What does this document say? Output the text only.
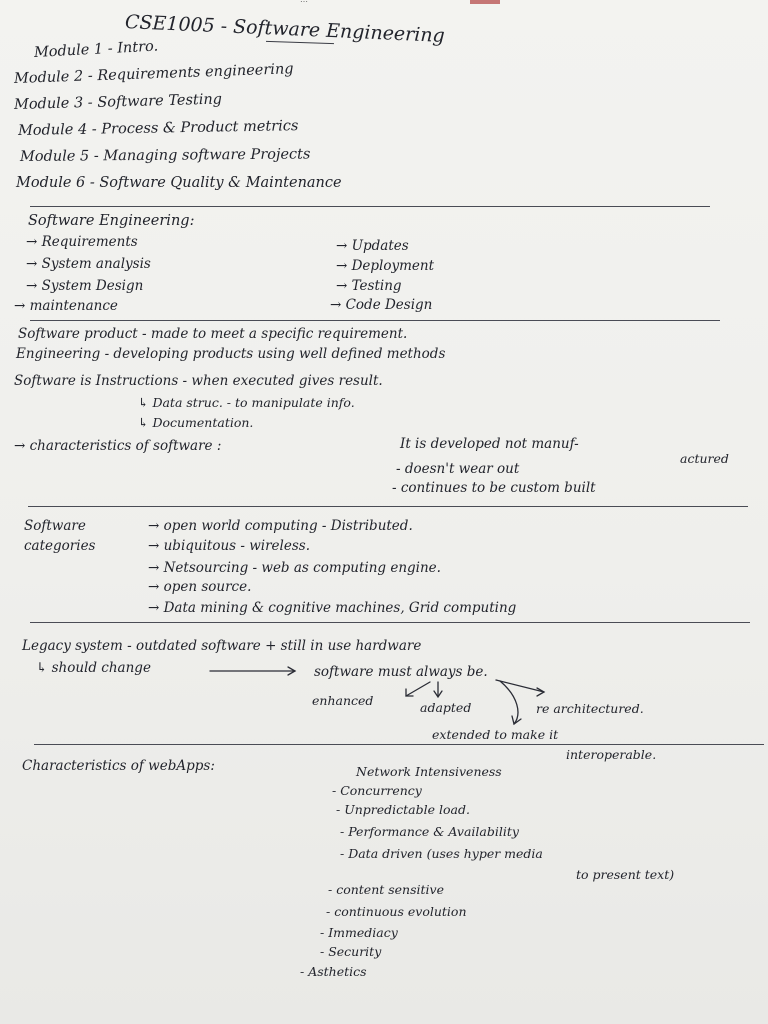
CSE1005 - Software Engineering
Module 1 - Intro.
Module 2 - Requirements engineering
Module 3 - Software Testing
Module 4 - Process & Product metrics
Module 5 - Managing software Projects
Module 6 - Software Quality & Maintenance
Software Engineering:
→ Requirements
→ System analysis
→ System Design
→ maintenance
→ Updates
→ Deployment
→ Testing
→ Code Design
Software product - made to meet a specific requirement.
Engineering - developing products using well defined methods
Software is Instructions - when executed gives result.
↳ Data struc. - to manipulate info.
↳ Documentation.
→ characteristics of software :	It is developed not manuf-
actured
- doesn't wear out
- continues to be custom built
Software
categories
→ open world computing - Distributed.
→ ubiquitous - wireless.
→ Netsourcing - web as computing engine.
→ open source.
→ Data mining & cognitive machines, Grid computing
Legacy system - outdated software + still in use hardware
↳ should change	software must always be.
enhanced	adapted	re architectured.
extended to make it
interoperable.
Characteristics of webApps:	Network Intensiveness
- Concurrency
- Unpredictable load.
- Performance & Availability
- Data driven (uses hyper media
to present text)
- content sensitive
- continuous evolution
- Immediacy
- Security
- Asthetics
